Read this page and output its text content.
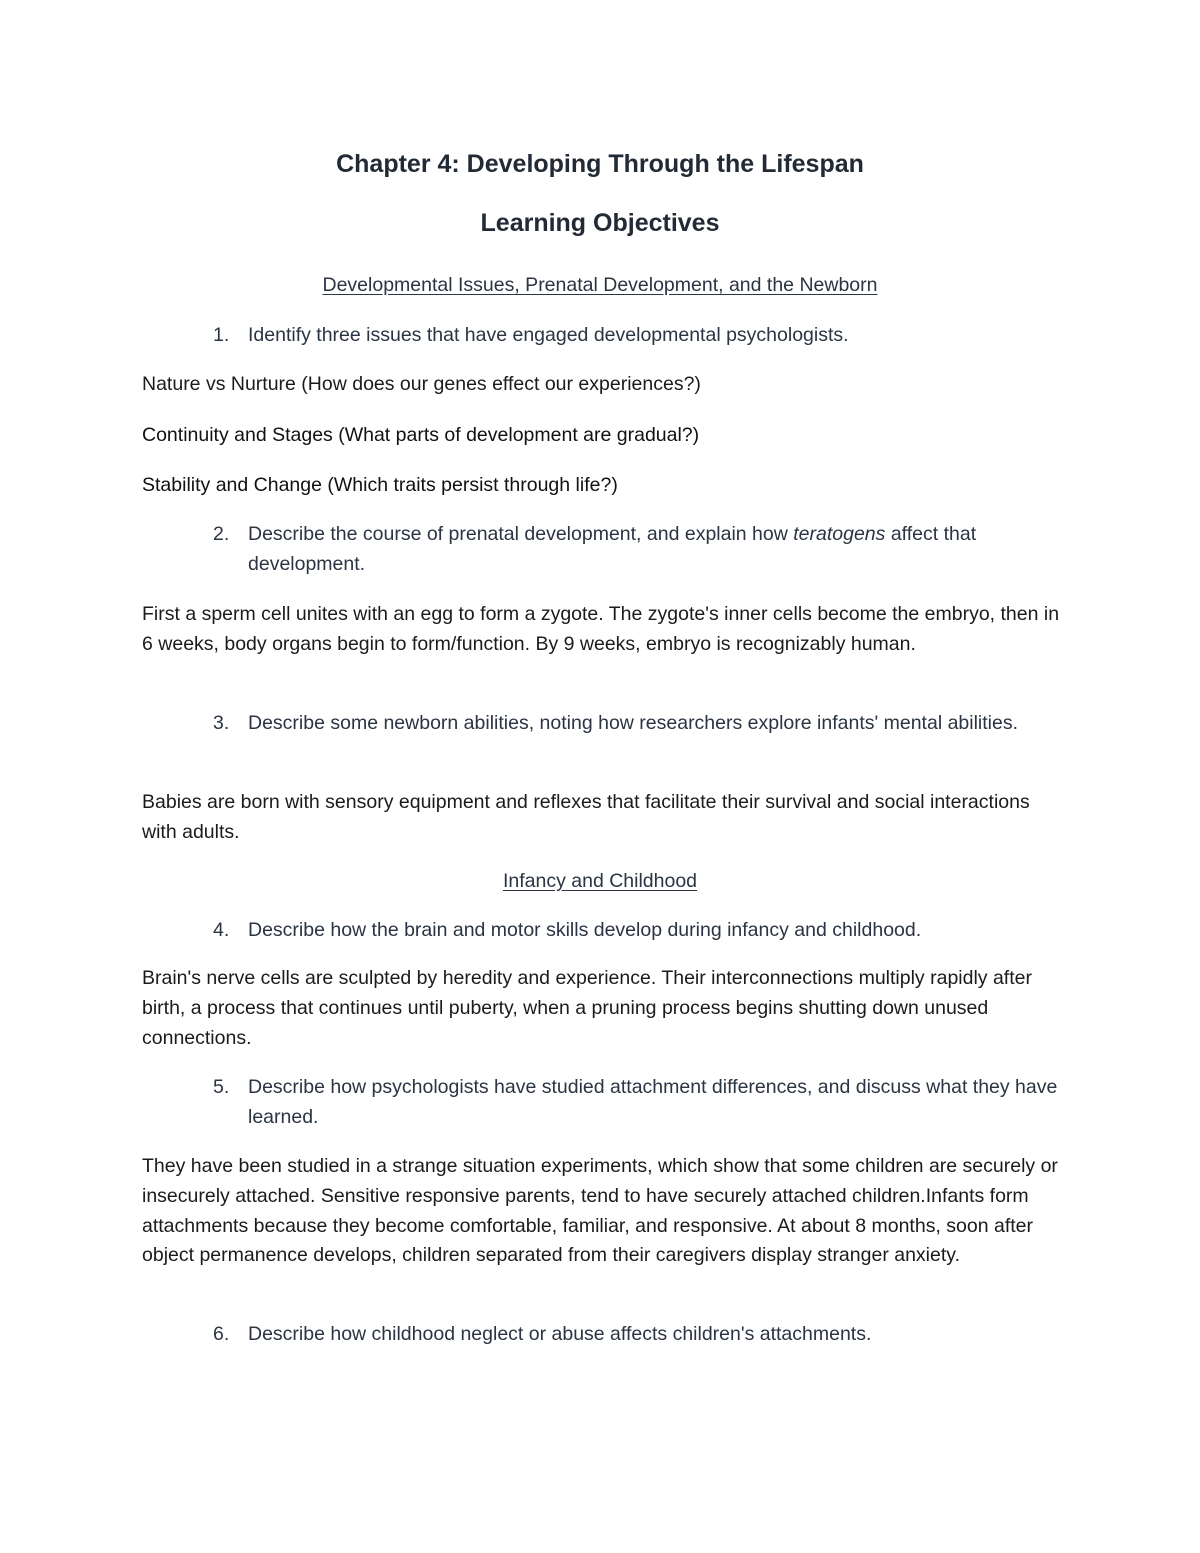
Chapter 4: Developing Through the Lifespan
Learning Objectives

Developmental Issues, Prenatal Development, and the Newborn

1. Identify three issues that have engaged developmental psychologists.

Nature vs Nurture (How does our genes effect our experiences?)

Continuity and Stages (What parts of development are gradual?)

Stability and Change (Which traits persist through life?)

2. Describe the course of prenatal development, and explain how teratogens affect that development.

First a sperm cell unites with an egg to form a zygote. The zygote's inner cells become the embryo, then in 6 weeks, body organs begin to form/function. By 9 weeks, embryo is recognizably human.

3. Describe some newborn abilities, noting how researchers explore infants' mental abilities.

Babies are born with sensory equipment and reflexes that facilitate their survival and social interactions with adults.

Infancy and Childhood

4. Describe how the brain and motor skills develop during infancy and childhood.

Brain's nerve cells are sculpted by heredity and experience. Their interconnections multiply rapidly after birth, a process that continues until puberty, when a pruning process begins shutting down unused connections.

5. Describe how psychologists have studied attachment differences, and discuss what they have learned.

They have been studied in a strange situation experiments, which show that some children are securely or insecurely attached. Sensitive responsive parents, tend to have securely attached children.Infants form attachments because they become comfortable, familiar, and responsive. At about 8 months, soon after object permanence develops, children separated from their caregivers display stranger anxiety.

6. Describe how childhood neglect or abuse affects children's attachments.
